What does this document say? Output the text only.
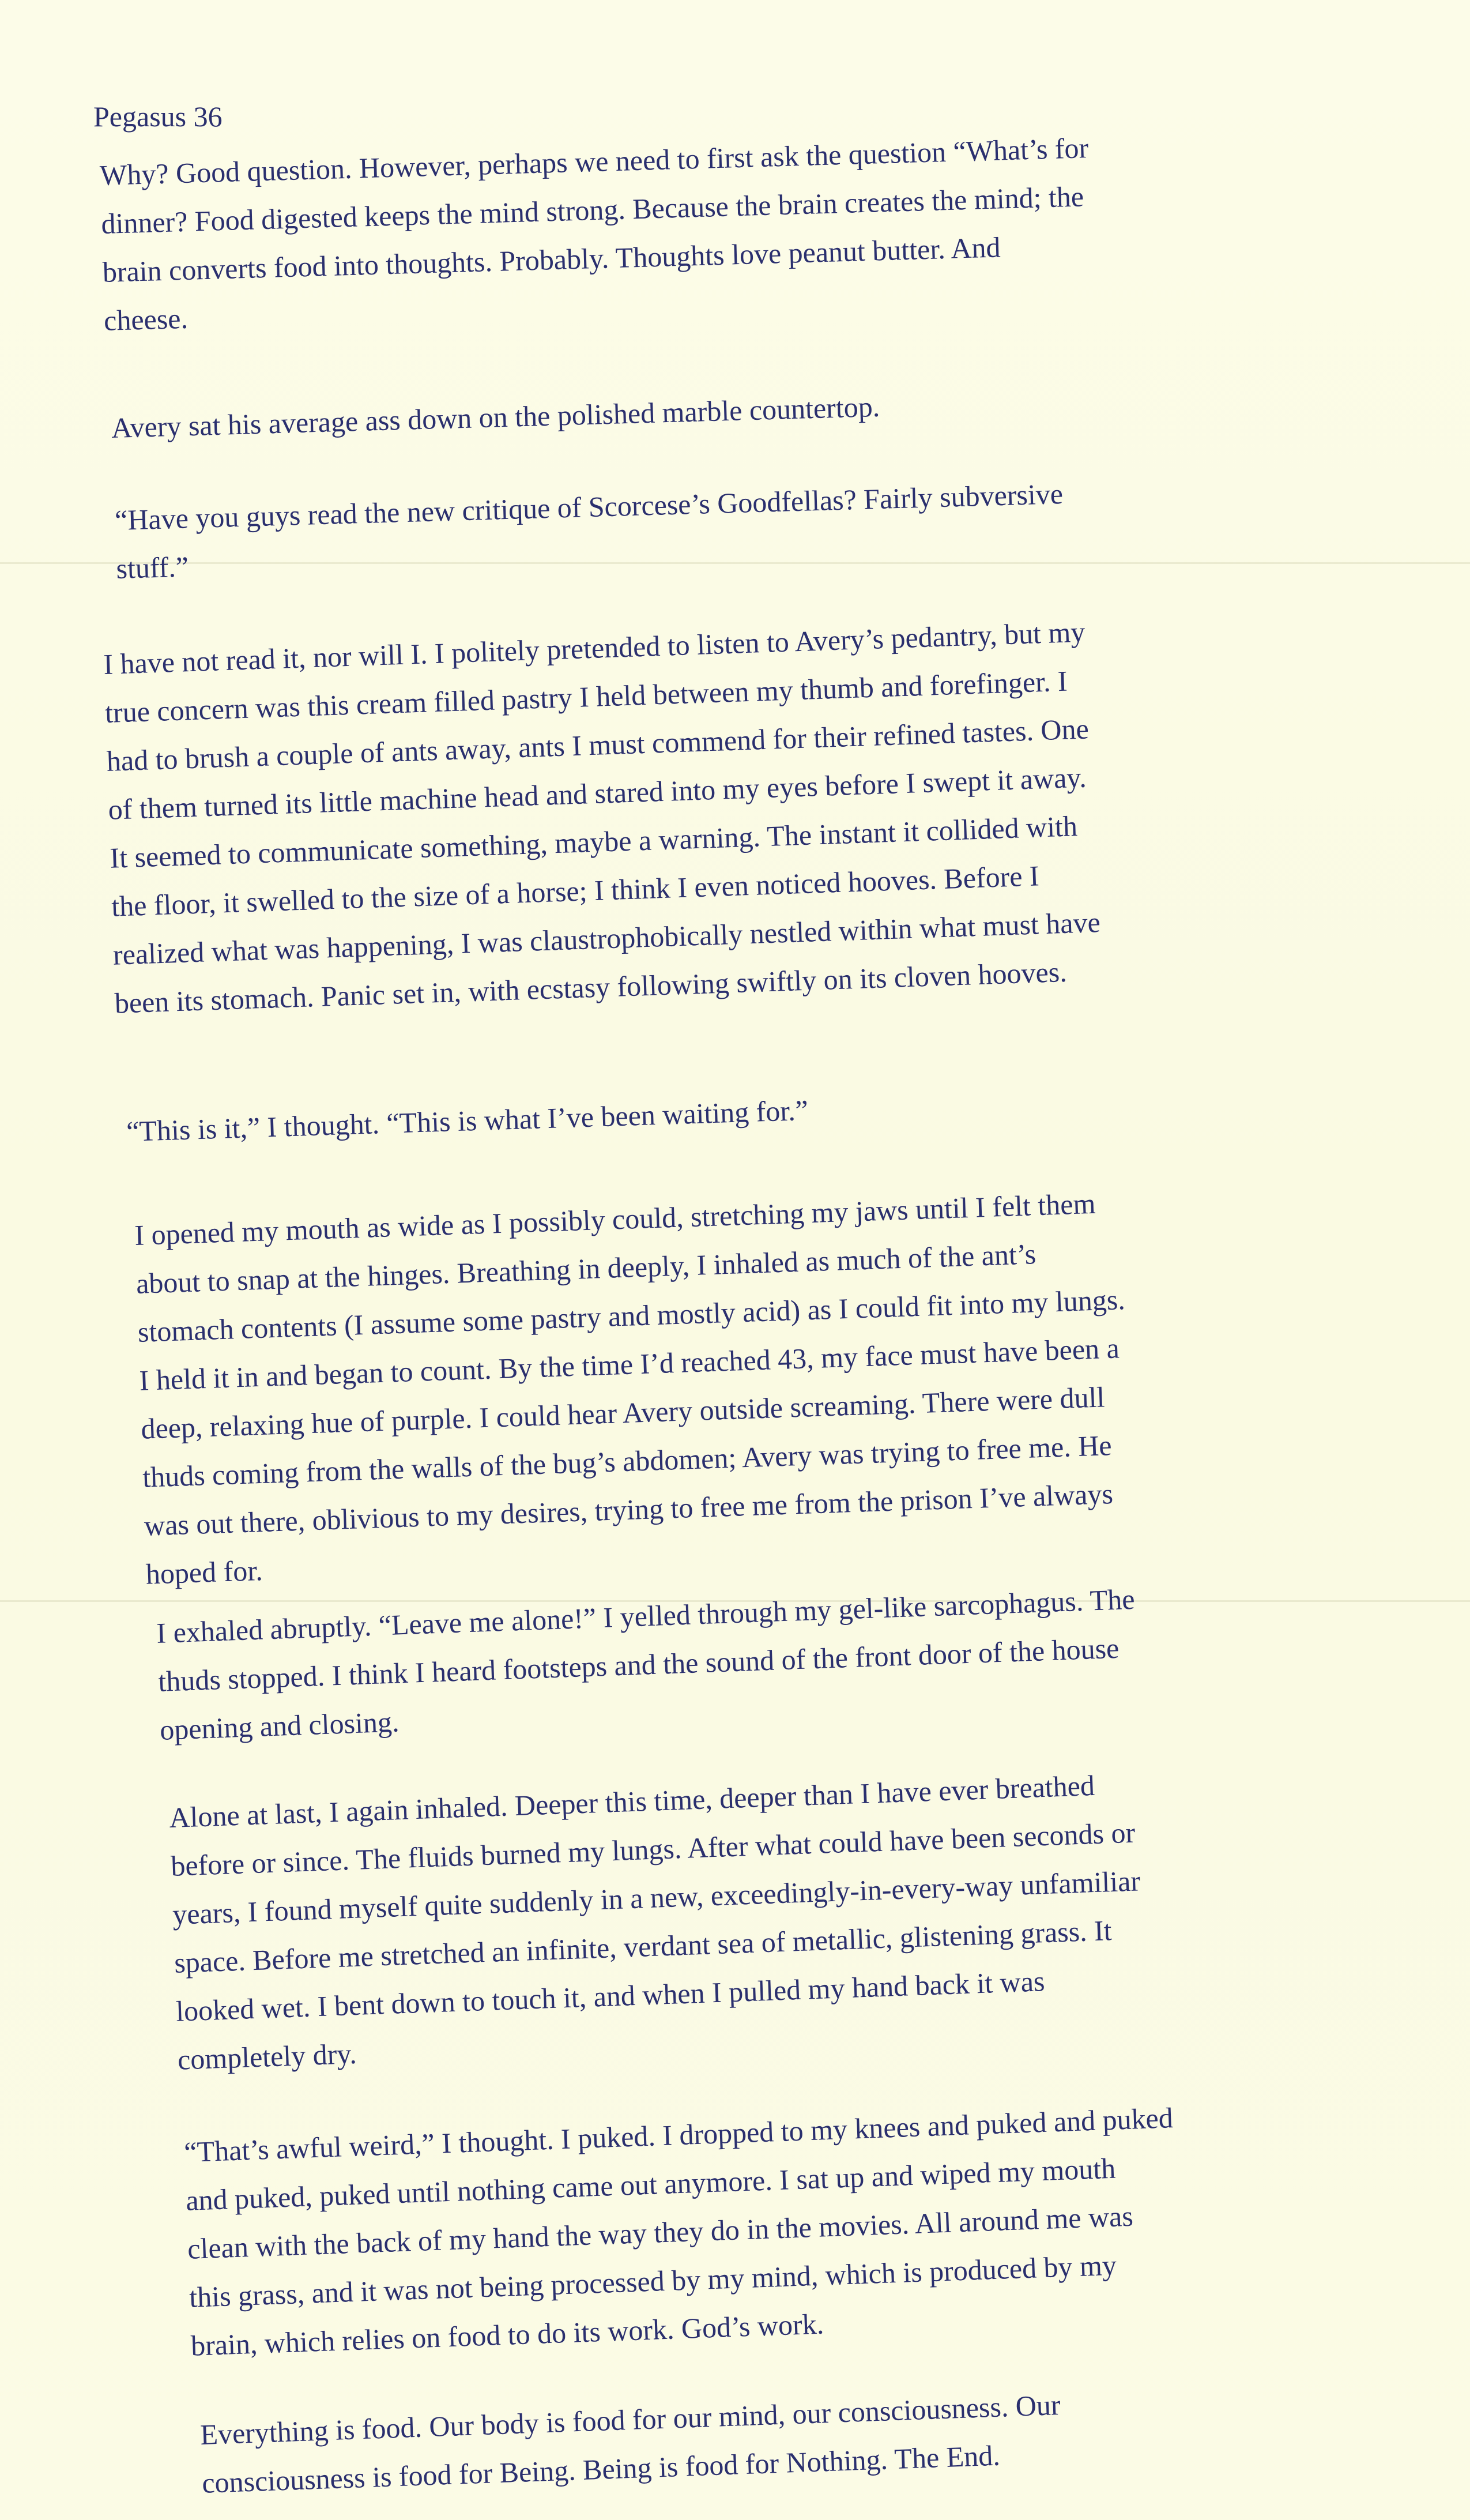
Pegasus 36

Why? Good question. However, perhaps we need to first ask the question “What’s for
dinner? Food digested keeps the mind strong. Because the brain creates the mind; the
brain converts food into thoughts. Probably. Thoughts love peanut butter. And
cheese.

Avery sat his average ass down on the polished marble countertop.

“Have you guys read the new critique of Scorcese’s Goodfellas? Fairly subversive
stuff.”

I have not read it, nor will I. I politely pretended to listen to Avery’s pedantry, but my
true concern was this cream filled pastry I held between my thumb and forefinger. I
had to brush a couple of ants away, ants I must commend for their refined tastes. One
of them turned its little machine head and stared into my eyes before I swept it away.
It seemed to communicate something, maybe a warning. The instant it collided with
the floor, it swelled to the size of a horse; I think I even noticed hooves. Before I
realized what was happening, I was claustrophobically nestled within what must have
been its stomach. Panic set in, with ecstasy following swiftly on its cloven hooves.

“This is it,” I thought. “This is what I’ve been waiting for.”

I opened my mouth as wide as I possibly could, stretching my jaws until I felt them
about to snap at the hinges. Breathing in deeply, I inhaled as much of the ant’s
stomach contents (I assume some pastry and mostly acid) as I could fit into my lungs.
I held it in and began to count. By the time I’d reached 43, my face must have been a
deep, relaxing hue of purple. I could hear Avery outside screaming. There were dull
thuds coming from the walls of the bug’s abdomen; Avery was trying to free me. He
was out there, oblivious to my desires, trying to free me from the prison I’ve always
hoped for.

I exhaled abruptly. “Leave me alone!” I yelled through my gel-like sarcophagus. The
thuds stopped. I think I heard footsteps and the sound of the front door of the house
opening and closing.

Alone at last, I again inhaled. Deeper this time, deeper than I have ever breathed
before or since. The fluids burned my lungs. After what could have been seconds or
years, I found myself quite suddenly in a new, exceedingly-in-every-way unfamiliar
space. Before me stretched an infinite, verdant sea of metallic, glistening grass. It
looked wet. I bent down to touch it, and when I pulled my hand back it was
completely dry.

“That’s awful weird,” I thought. I puked. I dropped to my knees and puked and puked
and puked, puked until nothing came out anymore. I sat up and wiped my mouth
clean with the back of my hand the way they do in the movies. All around me was
this grass, and it was not being processed by my mind, which is produced by my
brain, which relies on food to do its work. God’s work.

Everything is food. Our body is food for our mind, our consciousness. Our
consciousness is food for Being. Being is food for Nothing. The End.
